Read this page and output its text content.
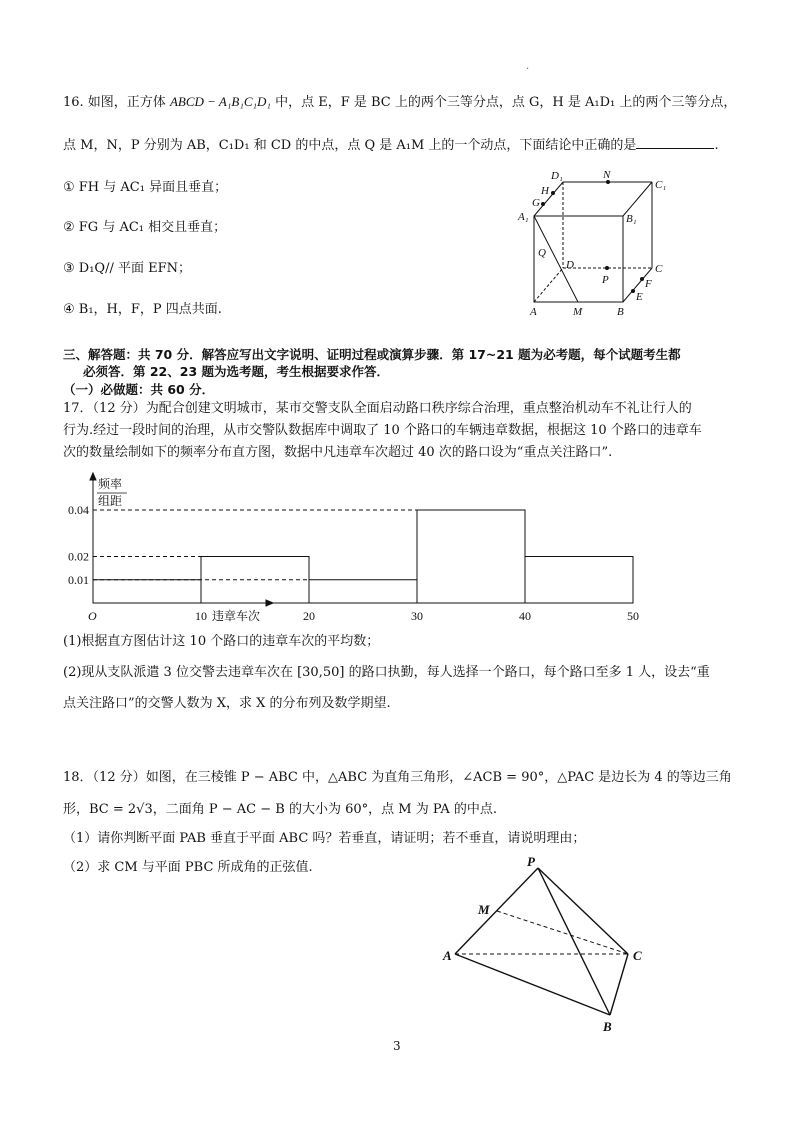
.
16. 如图，正方体 ABCD − A₁B₁C₁D₁ 中，点 E，F 是 BC 上的两个三等分点，点 G，H 是 A₁D₁ 上的两个三等分点，
点 M，N，P 分别为 AB，C₁D₁ 和 CD 的中点，点 Q 是 A₁M 上的一个动点，下面结论中正确的是	.
① FH 与 AC₁ 异面且垂直；
② FG 与 AC₁ 相交且垂直；
③ D₁Q// 平面 EFN；
④ B₁，H，F，P 四点共面.
D₁	N
C₁
H
G
A₁	B₁
Q
D	C
P	F
E
A	M	B
三、解答题：共 70 分．解答应写出文字说明、证明过程或演算步骤．第 17~21 题为必考题，每个试题考生都
必须答．第 22、23 题为选考题，考生根据要求作答．
（一）必做题：共 60 分．
17．（12 分）为配合创建文明城市，某市交警支队全面启动路口秩序综合治理，重点整治机动车不礼让行人的
行为.经过一段时间的治理，从市交警队数据库中调取了 10 个路口的车辆违章数据，根据这 10 个路口的违章车
次的数量绘制如下的频率分布直方图，数据中凡违章车次超过 40 次的路口设为“重点关注路口”.
频率
组距
O	违章车次
0.01
0.02
0.04
10	20	30	40	50
(1)根据直方图估计这 10 个路口的违章车次的平均数；
(2)现从支队派遣 3 位交警去违章车次在 [30,50] 的路口执勤，每人选择一个路口，每个路口至多 1 人，设去“重
点关注路口”的交警人数为 X，求 X 的分布列及数学期望.
18．（12 分）如图，在三棱锥 P − ABC 中，△ABC 为直角三角形，∠ACB = 90°，△PAC 是边长为 4 的等边三角
形，BC = 2√3，二面角 P − AC − B 的大小为 60°，点 M 为 PA 的中点.
（1）请你判断平面 PAB 垂直于平面 ABC 吗？若垂直，请证明；若不垂直，请说明理由；
（2）求 CM 与平面 PBC 所成角的正弦值.	P
M
A	C
B
3
